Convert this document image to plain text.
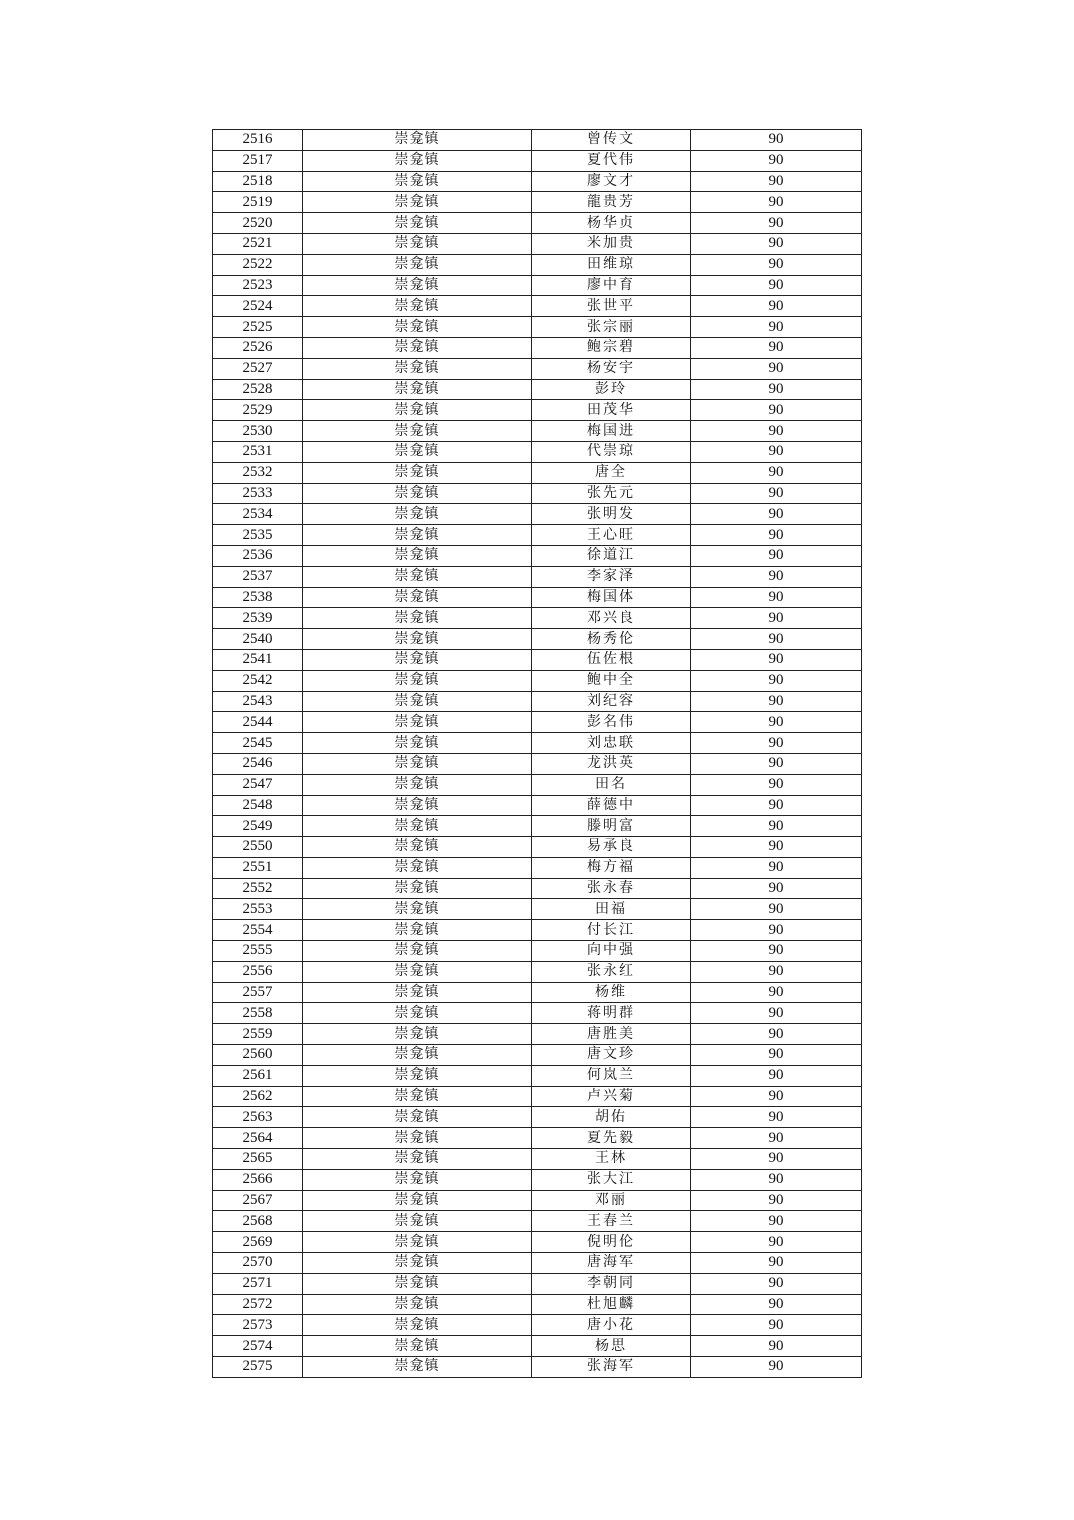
2516	崇龛镇	曾传文	90
2517	崇龛镇	夏代伟	90
2518	崇龛镇	廖文才	90
2519	崇龛镇	龍贵芳	90
2520	崇龛镇	杨华贞	90
2521	崇龛镇	米加贵	90
2522	崇龛镇	田维琼	90
2523	崇龛镇	廖中育	90
2524	崇龛镇	张世平	90
2525	崇龛镇	张宗丽	90
2526	崇龛镇	鲍宗碧	90
2527	崇龛镇	杨安宇	90
2528	崇龛镇	彭玲	90
2529	崇龛镇	田茂华	90
2530	崇龛镇	梅国进	90
2531	崇龛镇	代崇琼	90
2532	崇龛镇	唐全	90
2533	崇龛镇	张先元	90
2534	崇龛镇	张明发	90
2535	崇龛镇	王心旺	90
2536	崇龛镇	徐道江	90
2537	崇龛镇	李家泽	90
2538	崇龛镇	梅国体	90
2539	崇龛镇	邓兴良	90
2540	崇龛镇	杨秀伦	90
2541	崇龛镇	伍佐根	90
2542	崇龛镇	鲍中全	90
2543	崇龛镇	刘纪容	90
2544	崇龛镇	彭名伟	90
2545	崇龛镇	刘忠联	90
2546	崇龛镇	龙洪英	90
2547	崇龛镇	田名	90
2548	崇龛镇	薛德中	90
2549	崇龛镇	滕明富	90
2550	崇龛镇	易承良	90
2551	崇龛镇	梅方福	90
2552	崇龛镇	张永春	90
2553	崇龛镇	田福	90
2554	崇龛镇	付长江	90
2555	崇龛镇	向中强	90
2556	崇龛镇	张永红	90
2557	崇龛镇	杨维	90
2558	崇龛镇	蒋明群	90
2559	崇龛镇	唐胜美	90
2560	崇龛镇	唐文珍	90
2561	崇龛镇	何岚兰	90
2562	崇龛镇	卢兴菊	90
2563	崇龛镇	胡佑	90
2564	崇龛镇	夏先毅	90
2565	崇龛镇	王林	90
2566	崇龛镇	张大江	90
2567	崇龛镇	邓丽	90
2568	崇龛镇	王春兰	90
2569	崇龛镇	倪明伦	90
2570	崇龛镇	唐海军	90
2571	崇龛镇	李朝同	90
2572	崇龛镇	杜旭麟	90
2573	崇龛镇	唐小花	90
2574	崇龛镇	杨思	90
2575	崇龛镇	张海军	90
